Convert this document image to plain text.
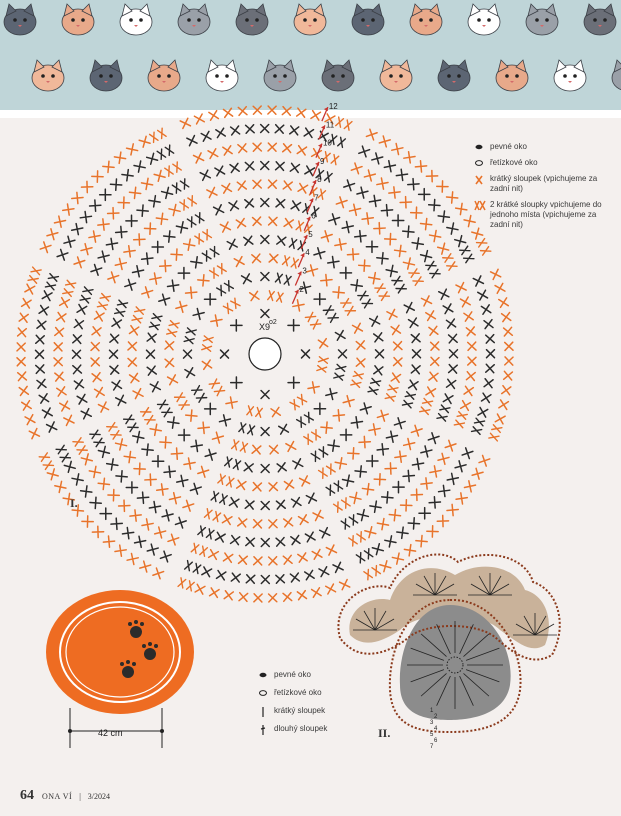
2
3
4
5
6
7
8
9
10
11
12
X9
o2
I.
pevné oko
řetízkové oko
krátký sloupek (vpichujeme za zadní nit)
2 krátké sloupky vpichujeme do jednoho místa (vpichujeme za zadní nit)
42 cm
pevné oko
řetízkové oko
krátký sloupek
dlouhý sloupek
1
2
3
4
5
6
7
II.
64 ONA VÍ | 3/2024
